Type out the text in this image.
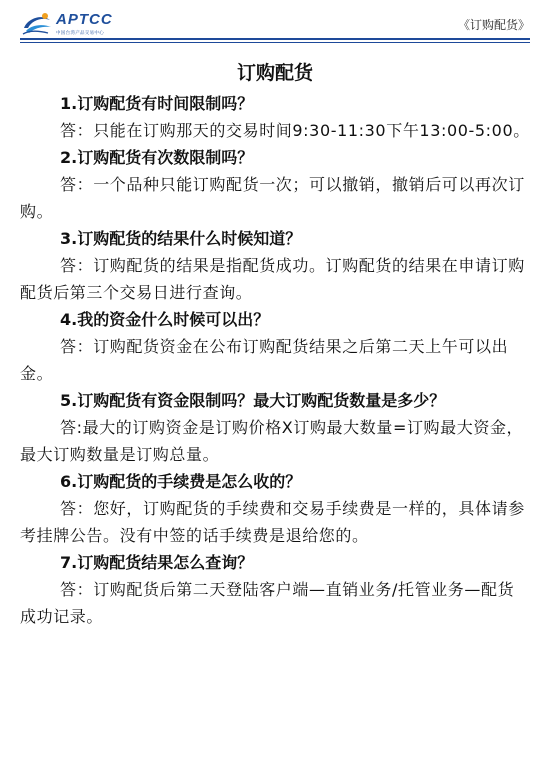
APTCC
中国台湾产品交易中心
《订购配货》
订购配货

1.订购配货有时间限制吗？

答：只能在订购那天的交易时间9:30-11:30下午13:00-5:00。

2.订购配货有次数限制吗？

答：一个品种只能订购配货一次；可以撤销，撤销后可以再次订购。

3.订购配货的结果什么时候知道？

答：订购配货的结果是指配货成功。订购配货的结果在申请订购配货后第三个交易日进行查询。

4.我的资金什么时候可以出？

答：订购配货资金在公布订购配货结果之后第二天上午可以出金。

5.订购配货有资金限制吗？最大订购配货数量是多少？

答:最大的订购资金是订购价格X订购最大数量=订购最大资金，最大订购数量是订购总量。

6.订购配货的手续费是怎么收的？

答：您好，订购配货的手续费和交易手续费是一样的，具体请参考挂牌公告。没有中签的话手续费是退给您的。

7.订购配货结果怎么查询？

答：订购配货后第二天登陆客户端—直销业务/托管业务—配货成功记录。
